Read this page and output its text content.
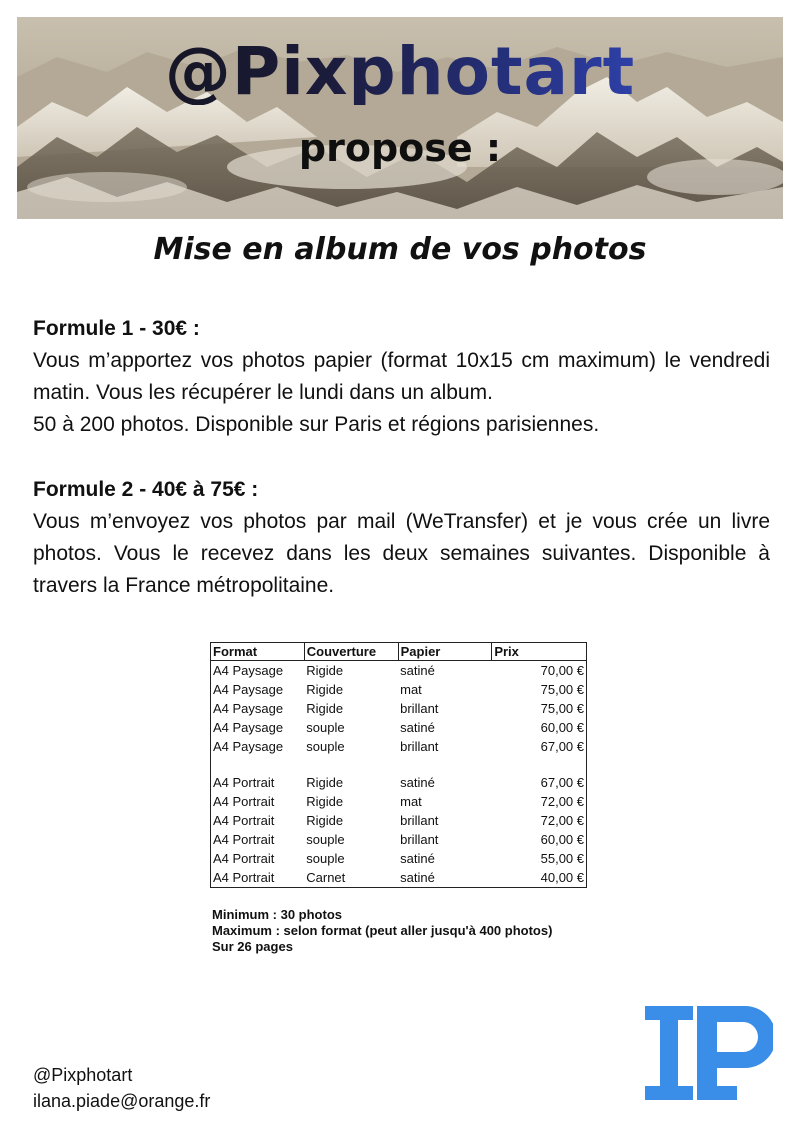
@Pixphotart
propose :
Mise en album de vos photos
Formule 1 - 30€ :

Vous m’apportez vos photos papier (format 10x15 cm maximum) le vendredi matin. Vous les récupérer le lundi dans un album.

50 à 200 photos. Disponible sur Paris et régions parisiennes.

Formule 2 - 40€ à 75€ :

Vous m’envoyez vos photos par mail (WeTransfer) et je vous crée un livre photos. Vous le recevez dans les deux semaines suivantes. Disponible à travers la France métropolitaine.

Format	Couverture	Papier	Prix
A4 Paysage	Rigide	satiné	70,00 €
A4 Paysage	Rigide	mat	75,00 €
A4 Paysage	Rigide	brillant	75,00 €
A4 Paysage	souple	satiné	60,00 €
A4 Paysage	souple	brillant	67,00 €

A4 Portrait	Rigide	satiné	67,00 €
A4 Portrait	Rigide	mat	72,00 €
A4 Portrait	Rigide	brillant	72,00 €
A4 Portrait	souple	brillant	60,00 €
A4 Portrait	souple	satiné	55,00 €
A4 Portrait	Carnet	satiné	40,00 €
Minimum : 30 photos
Maximum : selon format (peut aller jusqu'à 400 photos)
Sur 26 pages
@Pixphotart
ilana.piade@orange.fr
